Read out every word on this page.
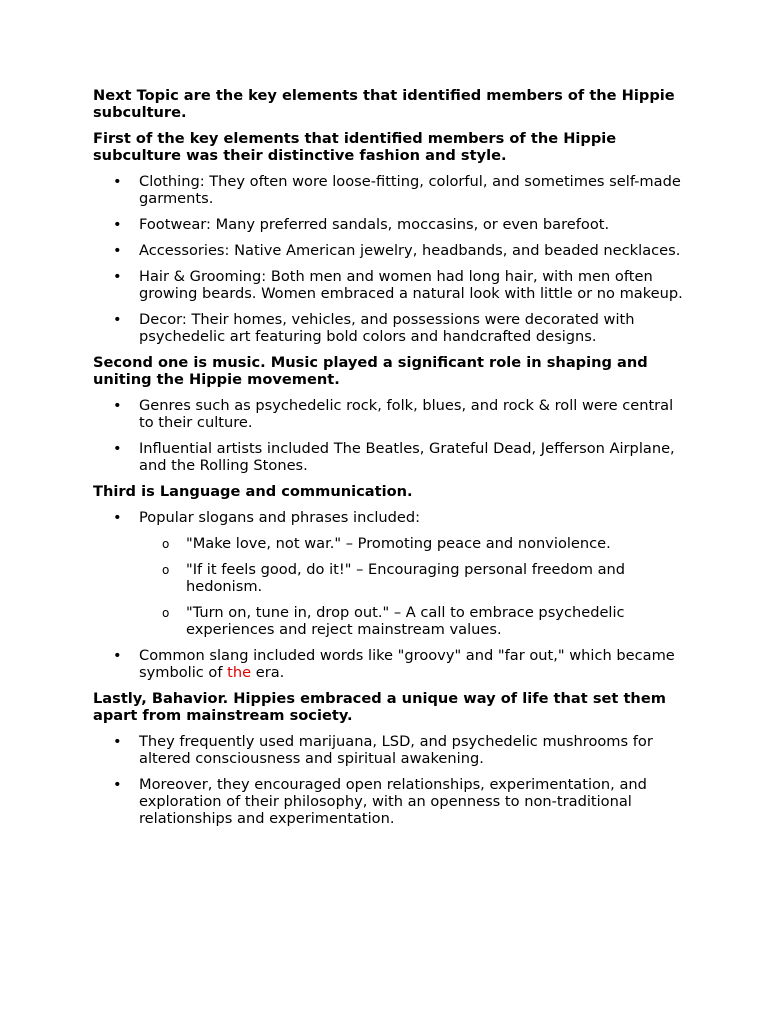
Next Topic are the key elements that identified members of the Hippie subculture.

First of the key elements that identified members of the Hippie subculture was their distinctive fashion and style.

• Clothing: They often wore loose-fitting, colorful, and sometimes self-made garments.
• Footwear: Many preferred sandals, moccasins, or even barefoot.
• Accessories: Native American jewelry, headbands, and beaded necklaces.
• Hair & Grooming: Both men and women had long hair, with men often growing beards. Women embraced a natural look with little or no makeup.
• Decor: Their homes, vehicles, and possessions were decorated with psychedelic art featuring bold colors and handcrafted designs.

Second one is music. Music played a significant role in shaping and uniting the Hippie movement.

• Genres such as psychedelic rock, folk, blues, and rock & roll were central to their culture.
• Influential artists included The Beatles, Grateful Dead, Jefferson Airplane, and the Rolling Stones.

Third is Language and communication.

• Popular slogans and phrases included:
o "Make love, not war." – Promoting peace and nonviolence.
o "If it feels good, do it!" – Encouraging personal freedom and hedonism.
o "Turn on, tune in, drop out." – A call to embrace psychedelic experiences and reject mainstream values.
• Common slang included words like "groovy" and "far out," which became symbolic of the era.

Lastly, Bahavior. Hippies embraced a unique way of life that set them apart from mainstream society.

• They frequently used marijuana, LSD, and psychedelic mushrooms for altered consciousness and spiritual awakening.
• Moreover, they encouraged open relationships, experimentation, and exploration of their philosophy, with an openness to non-traditional relationships and experimentation.
